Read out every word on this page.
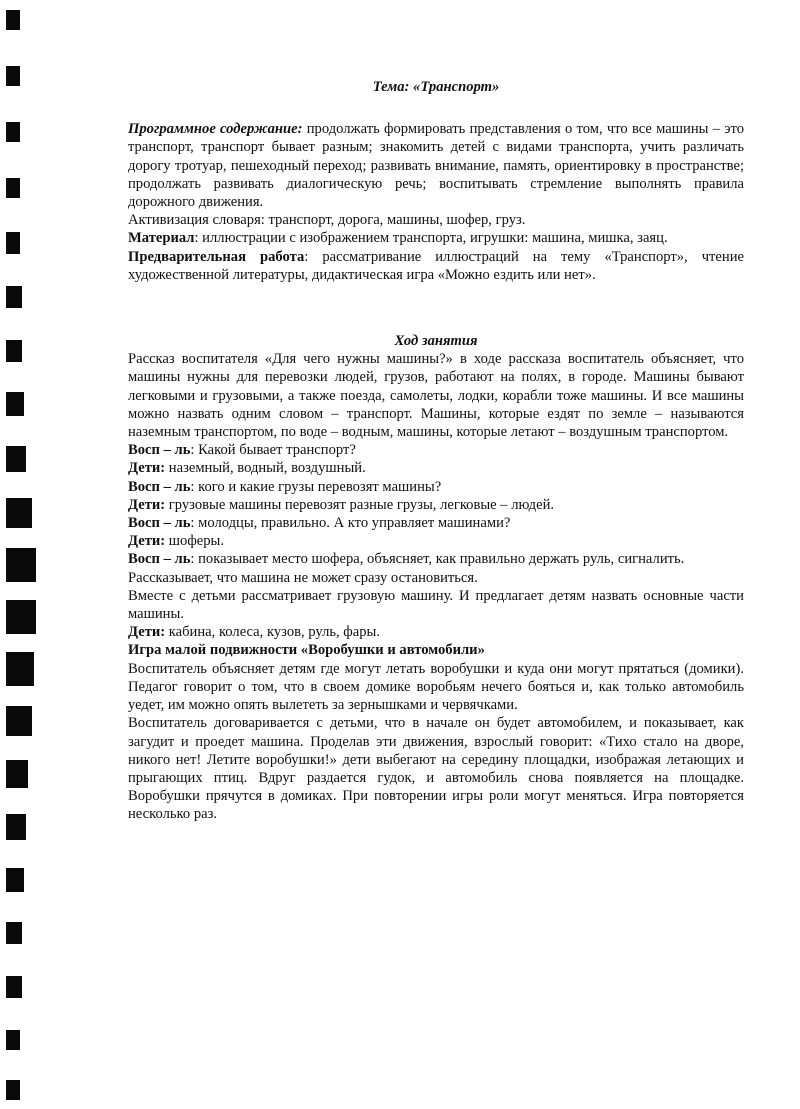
Тема: «Транспорт»

Программное содержание: продолжать формировать представления о том, что все машины – это транспорт, транспорт бывает разным; знакомить детей с видами транспорта, учить различать дорогу тротуар, пешеходный переход; развивать внимание, память, ориентировку в пространстве; продолжать развивать диалогическую речь; воспитывать стремление выполнять правила дорожного движения.

Активизация словаря: транспорт, дорога, машины, шофер, груз.

Материал: иллюстрации с изображением транспорта, игрушки: машина, мишка, заяц.

Предварительная работа: рассматривание иллюстраций на тему «Транспорт», чтение художественной литературы, дидактическая игра «Можно ездить или нет».

Ход занятия

Рассказ воспитателя «Для чего нужны машины?» в ходе рассказа воспитатель объясняет, что машины нужны для перевозки людей, грузов, работают на полях, в городе. Машины бывают легковыми и грузовыми, а также поезда, самолеты, лодки, корабли тоже машины. И все машины можно назвать одним словом – транспорт. Машины, которые ездят по земле – называются наземным транспортом, по воде – водным, машины, которые летают – воздушным транспортом.

Восп – ль: Какой бывает транспорт?

Дети: наземный, водный, воздушный.

Восп – ль: кого и какие грузы перевозят машины?

Дети: грузовые машины перевозят разные грузы, легковые – людей.

Восп – ль: молодцы, правильно. А кто управляет машинами?

Дети: шоферы.

Восп – ль: показывает место шофера, объясняет, как правильно держать руль, сигналить.

Рассказывает, что машина не может сразу остановиться.

Вместе с детьми рассматривает грузовую машину. И предлагает детям назвать основные части машины.

Дети: кабина, колеса, кузов, руль, фары.

Игра малой подвижности «Воробушки и автомобили»

Воспитатель объясняет детям где могут летать воробушки и куда они могут прятаться (домики). Педагог говорит о том, что в своем домике воробьям нечего бояться и, как только автомобиль уедет, им можно опять вылететь за зернышками и червячками.

Воспитатель договаривается с детьми, что в начале он будет автомобилем, и показывает, как загудит и проедет машина. Проделав эти движения, взрослый говорит: «Тихо стало на дворе, никого нет! Летите воробушки!» дети выбегают на середину площадки, изображая летающих и прыгающих птиц. Вдруг раздается гудок, и автомобиль снова появляется на площадке. Воробушки прячутся в домиках. При повторении игры роли могут меняться. Игра повторяется несколько раз.
